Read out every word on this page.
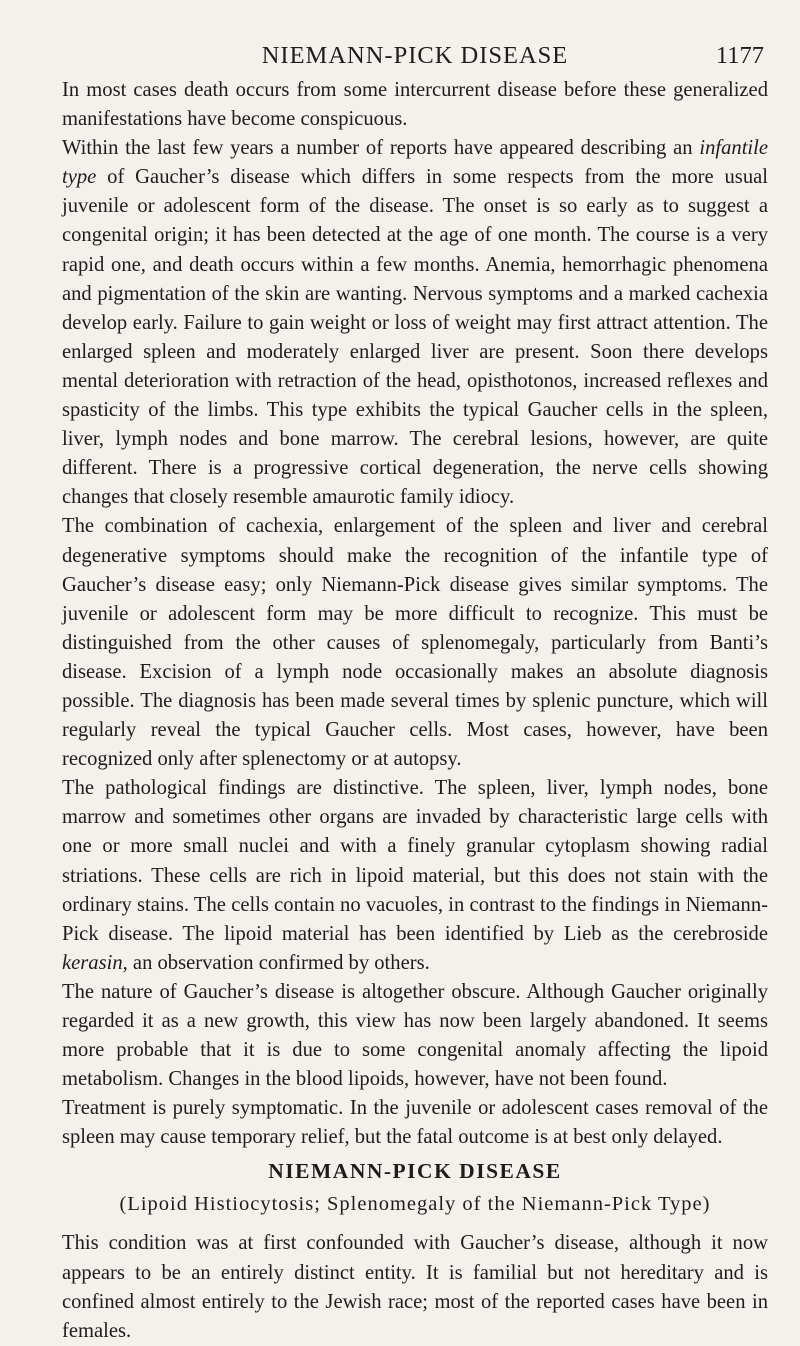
NIEMANN-PICK DISEASE	1177

In most cases death occurs from some intercurrent disease before these generalized manifestations have become conspicuous.

Within the last few years a number of reports have appeared describing an infantile type of Gaucher’s disease which differs in some respects from the more usual juvenile or adolescent form of the disease. The onset is so early as to suggest a congenital origin; it has been detected at the age of one month. The course is a very rapid one, and death occurs within a few months. Anemia, hemorrhagic phenomena and pigmentation of the skin are wanting. Nervous symptoms and a marked cachexia develop early. Failure to gain weight or loss of weight may first attract attention. The enlarged spleen and moderately enlarged liver are present. Soon there develops mental deterioration with retraction of the head, opisthotonos, increased reflexes and spasticity of the limbs. This type exhibits the typical Gaucher cells in the spleen, liver, lymph nodes and bone marrow. The cerebral lesions, however, are quite different. There is a progressive cortical degeneration, the nerve cells showing changes that closely resemble amaurotic family idiocy.

The combination of cachexia, enlargement of the spleen and liver and cerebral degenerative symptoms should make the recognition of the infantile type of Gaucher’s disease easy; only Niemann-Pick disease gives similar symptoms. The juvenile or adolescent form may be more difficult to recognize. This must be distinguished from the other causes of splenomegaly, particularly from Banti’s disease. Excision of a lymph node occasionally makes an absolute diagnosis possible. The diagnosis has been made several times by splenic puncture, which will regularly reveal the typical Gaucher cells. Most cases, however, have been recognized only after splenectomy or at autopsy.

The pathological findings are distinctive. The spleen, liver, lymph nodes, bone marrow and sometimes other organs are invaded by characteristic large cells with one or more small nuclei and with a finely granular cytoplasm showing radial striations. These cells are rich in lipoid material, but this does not stain with the ordinary stains. The cells contain no vacuoles, in contrast to the findings in Niemann-Pick disease. The lipoid material has been identified by Lieb as the cerebroside kerasin, an observation confirmed by others.

The nature of Gaucher’s disease is altogether obscure. Although Gaucher originally regarded it as a new growth, this view has now been largely abandoned. It seems more probable that it is due to some congenital anomaly affecting the lipoid metabolism. Changes in the blood lipoids, however, have not been found.

Treatment is purely symptomatic. In the juvenile or adolescent cases removal of the spleen may cause temporary relief, but the fatal outcome is at best only delayed.

NIEMANN-PICK DISEASE
(Lipoid Histiocytosis; Splenomegaly of the Niemann-Pick Type)

This condition was at first confounded with Gaucher’s disease, although it now appears to be an entirely distinct entity. It is familial but not hereditary and is confined almost entirely to the Jewish race; most of the reported cases have been in females.
